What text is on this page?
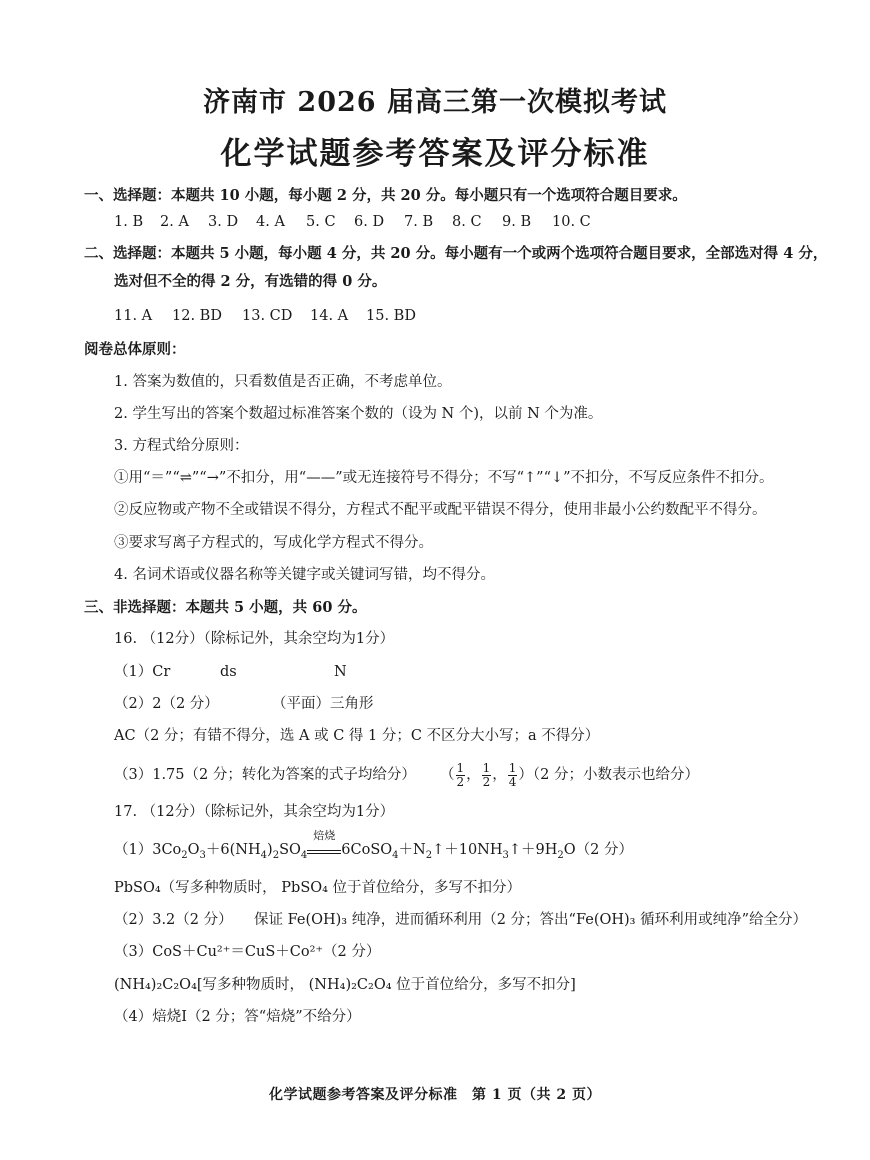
济南市 2026 届高三第一次模拟考试
化学试题参考答案及评分标准
一、选择题：本题共 10 小题，每小题 2 分，共 20 分。每小题只有一个选项符合题目要求。
1. B 2. A 3. D 4. A 5. C 6. D 7. B 8. C 9. B 10. C
二、选择题：本题共 5 小题，每小题 4 分，共 20 分。每小题有一个或两个选项符合题目要求，全部选对得 4 分，
选对但不全的得 2 分，有选错的得 0 分。
11. A 12. BD 13. CD 14. A 15. BD
阅卷总体原则：
1. 答案为数值的，只看数值是否正确，不考虑单位。
2. 学生写出的答案个数超过标准答案个数的（设为 N 个)，以前 N 个为准。
3. 方程式给分原则：
①用“＝”“⇌”“→”不扣分，用“——”或无连接符号不得分；不写“↑”“↓”不扣分，不写反应条件不扣分。
②反应物或产物不全或错误不得分，方程式不配平或配平错误不得分，使用非最小公约数配平不得分。
③要求写离子方程式的，写成化学方程式不得分。
4. 名词术语或仪器名称等关键字或关键词写错，均不得分。
三、非选择题：本题共 5 小题，共 60 分。
16. （12分）（除标记外，其余空均为1分）
（1）Cr	ds	N
（2）2（2 分）	（平面）三角形
AC（2 分；有错不得分，选 A 或 C 得 1 分；C 不区分大小写；a 不得分）
（3）1.75（2 分；转化为答案的式子均给分） （ $\frac{1}{2}$ ， $\frac{1}{2}$ ， $\frac{1}{4} )(2$ 分；小数表示也给分）
17. （12分）（除标记外，其余空均为1分）
$(1)3Co_2O_3+6(NH_4)_2SO_4$
焙烧
$6CoSO_4+N_2↑+10NH_3↑+9H_2O(2$ 分）
PbSO₄（写多种物质时， PbSO₄ 位于首位给分，多写不扣分）
（2）3.2（2 分） 保证 Fe(OH)₃ 纯净，进而循环利用（2 分；答出“Fe(OH)₃ 循环利用或纯净”给全分）
（3）CoS＋Cu²⁺＝CuS＋Co²⁺（2 分）
(NH₄)₂C₂O₄[写多种物质时， (NH₄)₂C₂O₄ 位于首位给分，多写不扣分]
（4）焙烧I（2 分；答“焙烧”不给分）
化学试题参考答案及评分标准　第 1 页（共 2 页）
